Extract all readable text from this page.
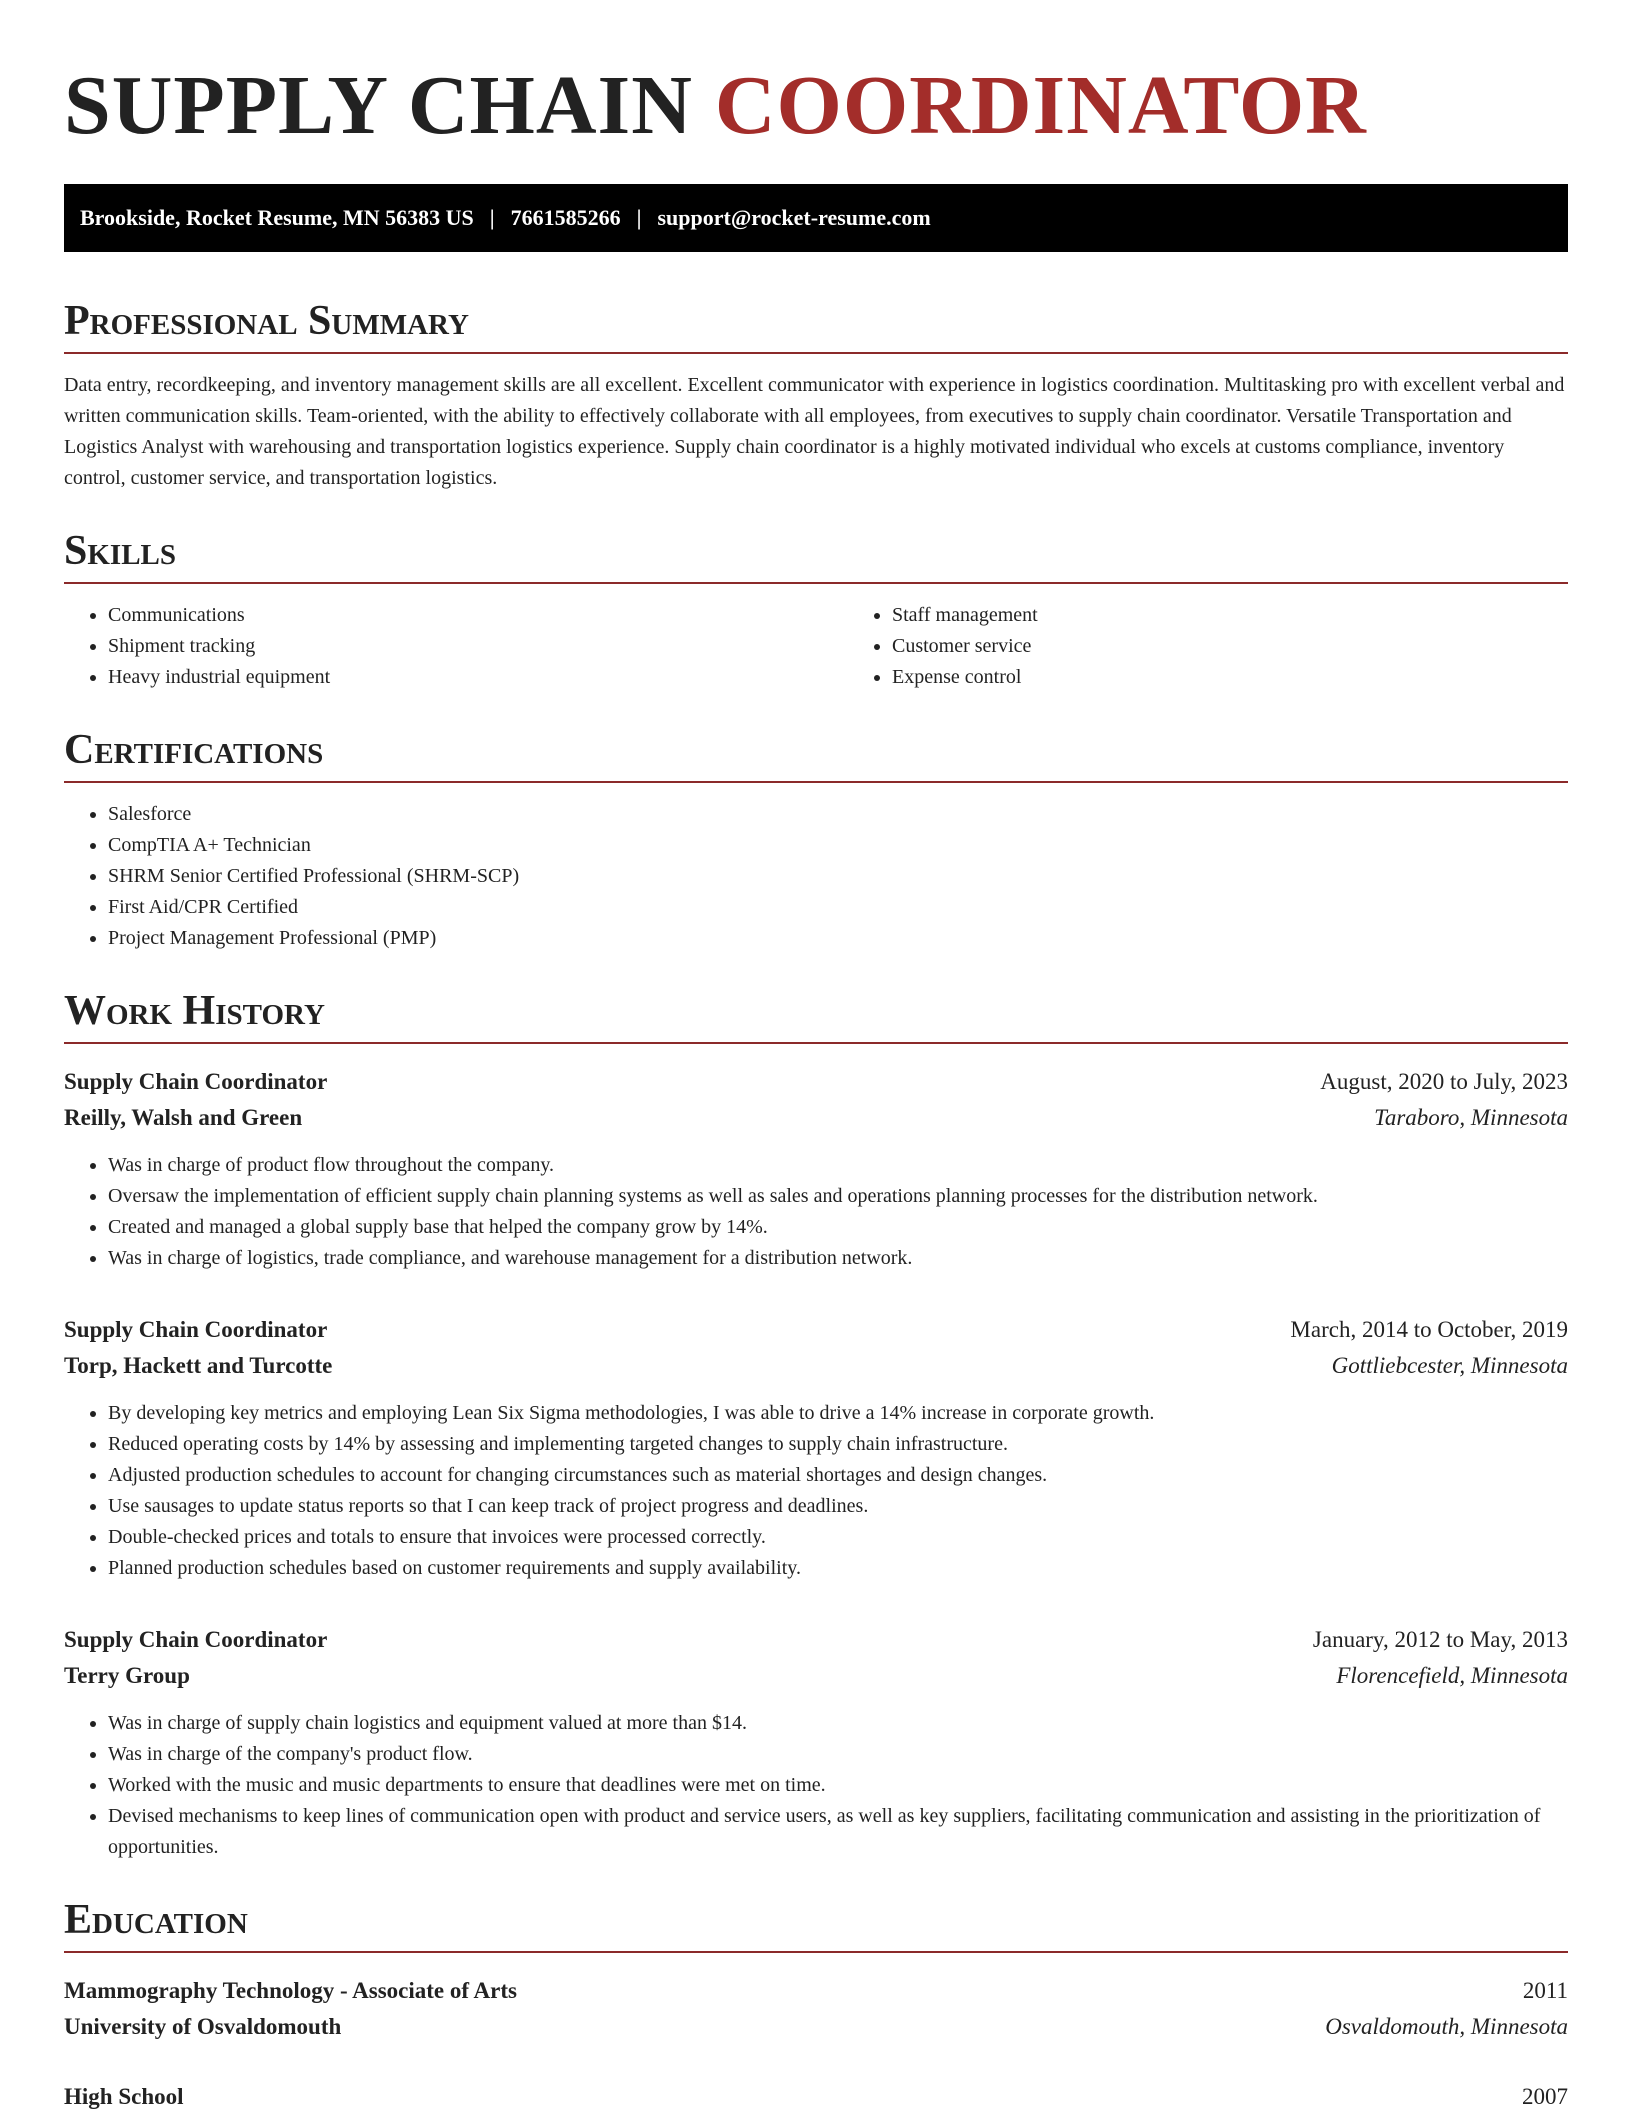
SUPPLY CHAIN COORDINATOR
Brookside, Rocket Resume, MN 56383 US | 7661585266 | support@rocket-resume.com
Professional Summary

Data entry, recordkeeping, and inventory management skills are all excellent. Excellent communicator with experience in logistics coordination. Multitasking pro with excellent verbal and written communication skills. Team-oriented, with the ability to effectively collaborate with all employees, from executives to supply chain coordinator. Versatile Transportation and Logistics Analyst with warehousing and transportation logistics experience. Supply chain coordinator is a highly motivated individual who excels at customs compliance, inventory control, customer service, and transportation logistics.

Skills
• Communications
• Shipment tracking
• Heavy industrial equipment
• Staff management
• Customer service
• Expense control
Certifications
• Salesforce
• CompTIA A+ Technician
• SHRM Senior Certified Professional (SHRM-SCP)
• First Aid/CPR Certified
• Project Management Professional (PMP)
Work History
Supply Chain Coordinator	August, 2020 to July, 2023
Reilly, Walsh and Green	Taraboro, Minnesota
• Was in charge of product flow throughout the company.
• Oversaw the implementation of efficient supply chain planning systems as well as sales and operations planning processes for the distribution network.
• Created and managed a global supply base that helped the company grow by 14%.
• Was in charge of logistics, trade compliance, and warehouse management for a distribution network.
Supply Chain Coordinator	March, 2014 to October, 2019
Torp, Hackett and Turcotte	Gottliebcester, Minnesota
• By developing key metrics and employing Lean Six Sigma methodologies, I was able to drive a 14% increase in corporate growth.
• Reduced operating costs by 14% by assessing and implementing targeted changes to supply chain infrastructure.
• Adjusted production schedules to account for changing circumstances such as material shortages and design changes.
• Use sausages to update status reports so that I can keep track of project progress and deadlines.
• Double-checked prices and totals to ensure that invoices were processed correctly.
• Planned production schedules based on customer requirements and supply availability.
Supply Chain Coordinator	January, 2012 to May, 2013
Terry Group	Florencefield, Minnesota
• Was in charge of supply chain logistics and equipment valued at more than $14.
• Was in charge of the company's product flow.
• Worked with the music and music departments to ensure that deadlines were met on time.
• Devised mechanisms to keep lines of communication open with product and service users, as well as key suppliers, facilitating communication and assisting in the prioritization of opportunities.
Education
Mammography Technology - Associate of Arts	2011
University of Osvaldomouth	Osvaldomouth, Minnesota
High School	2007
